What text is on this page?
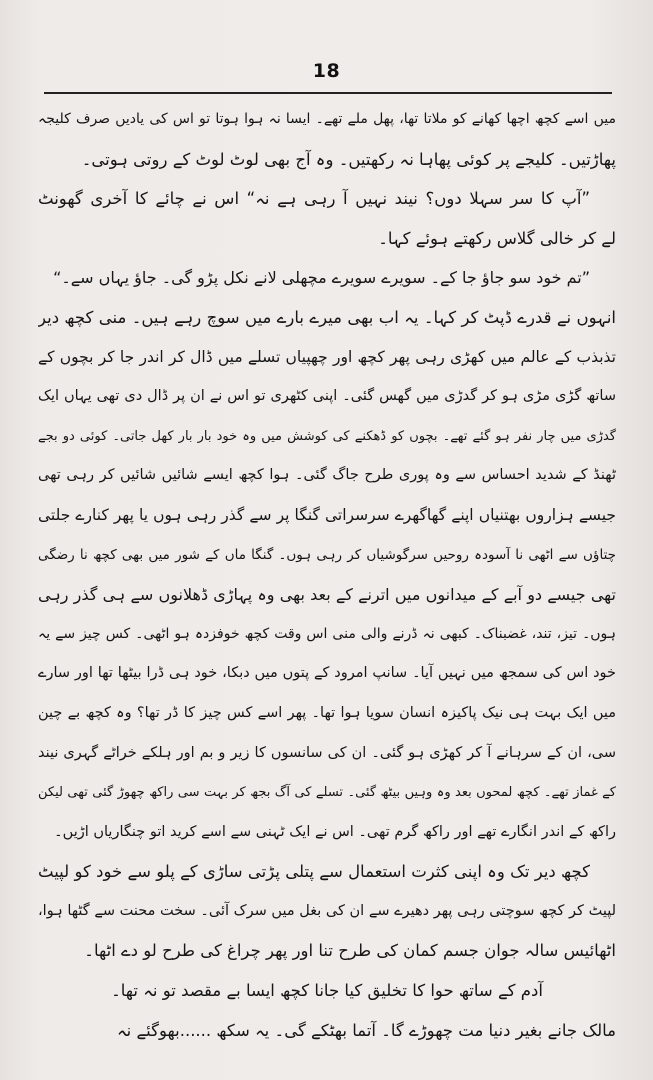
18
میں اسے کچھ اچھا کھانے کو ملاتا تھا، پھل ملے تھے۔ ایسا نہ ہوا ہوتا تو اس کی یادیں صرف کلیجہ
پھاڑتیں۔ کلیجے پر کوئی پھاہا نہ رکھتیں۔ وہ آج بھی لوٹ لوٹ کے روتی ہوتی۔
”آپ کا سر سہلا دوں؟ نیند نہیں آ رہی ہے نہ“ اس نے چائے کا آخری گھونٹ
لے کر خالی گلاس رکھتے ہوئے کہا۔
”تم خود سو جاؤ جا کے۔ سویرے سویرے مچھلی لانے نکل پڑو گی۔ جاؤ یہاں سے۔“
انہوں نے قدرے ڈپٹ کر کہا۔ یہ اب بھی میرے بارے میں سوچ رہے ہیں۔ منی کچھ دیر
تذبذب کے عالم میں کھڑی رہی پھر کچھ اور چھپیاں تسلے میں ڈال کر اندر جا کر بچوں کے
ساتھ گڑی مڑی ہو کر گدڑی میں گھس گئی۔ اپنی کٹھری تو اس نے ان پر ڈال دی تھی یہاں ایک
گدڑی میں چار نفر ہو گئے تھے۔ بچوں کو ڈھکنے کی کوشش میں وہ خود بار بار کھل جاتی۔ کوئی دو بجے
ٹھنڈ کے شدید احساس سے وہ پوری طرح جاگ گئی۔ ہوا کچھ ایسے شائیں شائیں کر رہی تھی
جیسے ہزاروں بھتنیاں اپنے گھاگھرے سرسراتی گنگا پر سے گذر رہی ہوں یا پھر کنارے جلتی
چتاؤں سے اٹھی نا آسودہ روحیں سرگوشیاں کر رہی ہوں۔ گنگا ماں کے شور میں بھی کچھ نا رضگی
تھی جیسے دو آبے کے میدانوں میں اترنے کے بعد بھی وہ پہاڑی ڈھلانوں سے ہی گذر رہی
ہوں۔ تیز، تند، غضبناک۔ کبھی نہ ڈرنے والی منی اس وقت کچھ خوفزدہ ہو اٹھی۔ کس چیز سے یہ
خود اس کی سمجھ میں نہیں آیا۔ سانپ امرود کے پتوں میں دبکا، خود ہی ڈرا بیٹھا تھا اور سارے
میں ایک بہت ہی نیک پاکیزہ انسان سویا ہوا تھا۔ پھر اسے کس چیز کا ڈر تھا؟ وہ کچھ بے چین
سی، ان کے سرہانے آ کر کھڑی ہو گئی۔ ان کی سانسوں کا زیر و بم اور ہلکے خراٹے گہری نیند
کے غماز تھے۔ کچھ لمحوں بعد وہ وہیں بیٹھ گئی۔ تسلے کی آگ بجھ کر بہت سی راکھ چھوڑ گئی تھی لیکن
راکھ کے اندر انگارے تھے اور راکھ گرم تھی۔ اس نے ایک ٹہنی سے اسے کرید اتو چنگاریاں اڑیں۔
کچھ دیر تک وہ اپنی کثرت استعمال سے پتلی پڑتی ساڑی کے پلو سے خود کو لپیٹ
لپیٹ کر کچھ سوچتی رہی پھر دھیرے سے ان کی بغل میں سرک آئی۔ سخت محنت سے گٹھا ہوا،
اٹھائیس سالہ جوان جسم کمان کی طرح تنا اور پھر چراغ کی طرح لو دے اٹھا۔
آدم کے ساتھ حوا کا تخلیق کیا جانا کچھ ایسا بے مقصد تو نہ تھا۔
مالک جانے بغیر دنیا مت چھوڑے گا۔ آتما بھٹکے گی۔ یہ سکھ ......بھوگئے نہ
